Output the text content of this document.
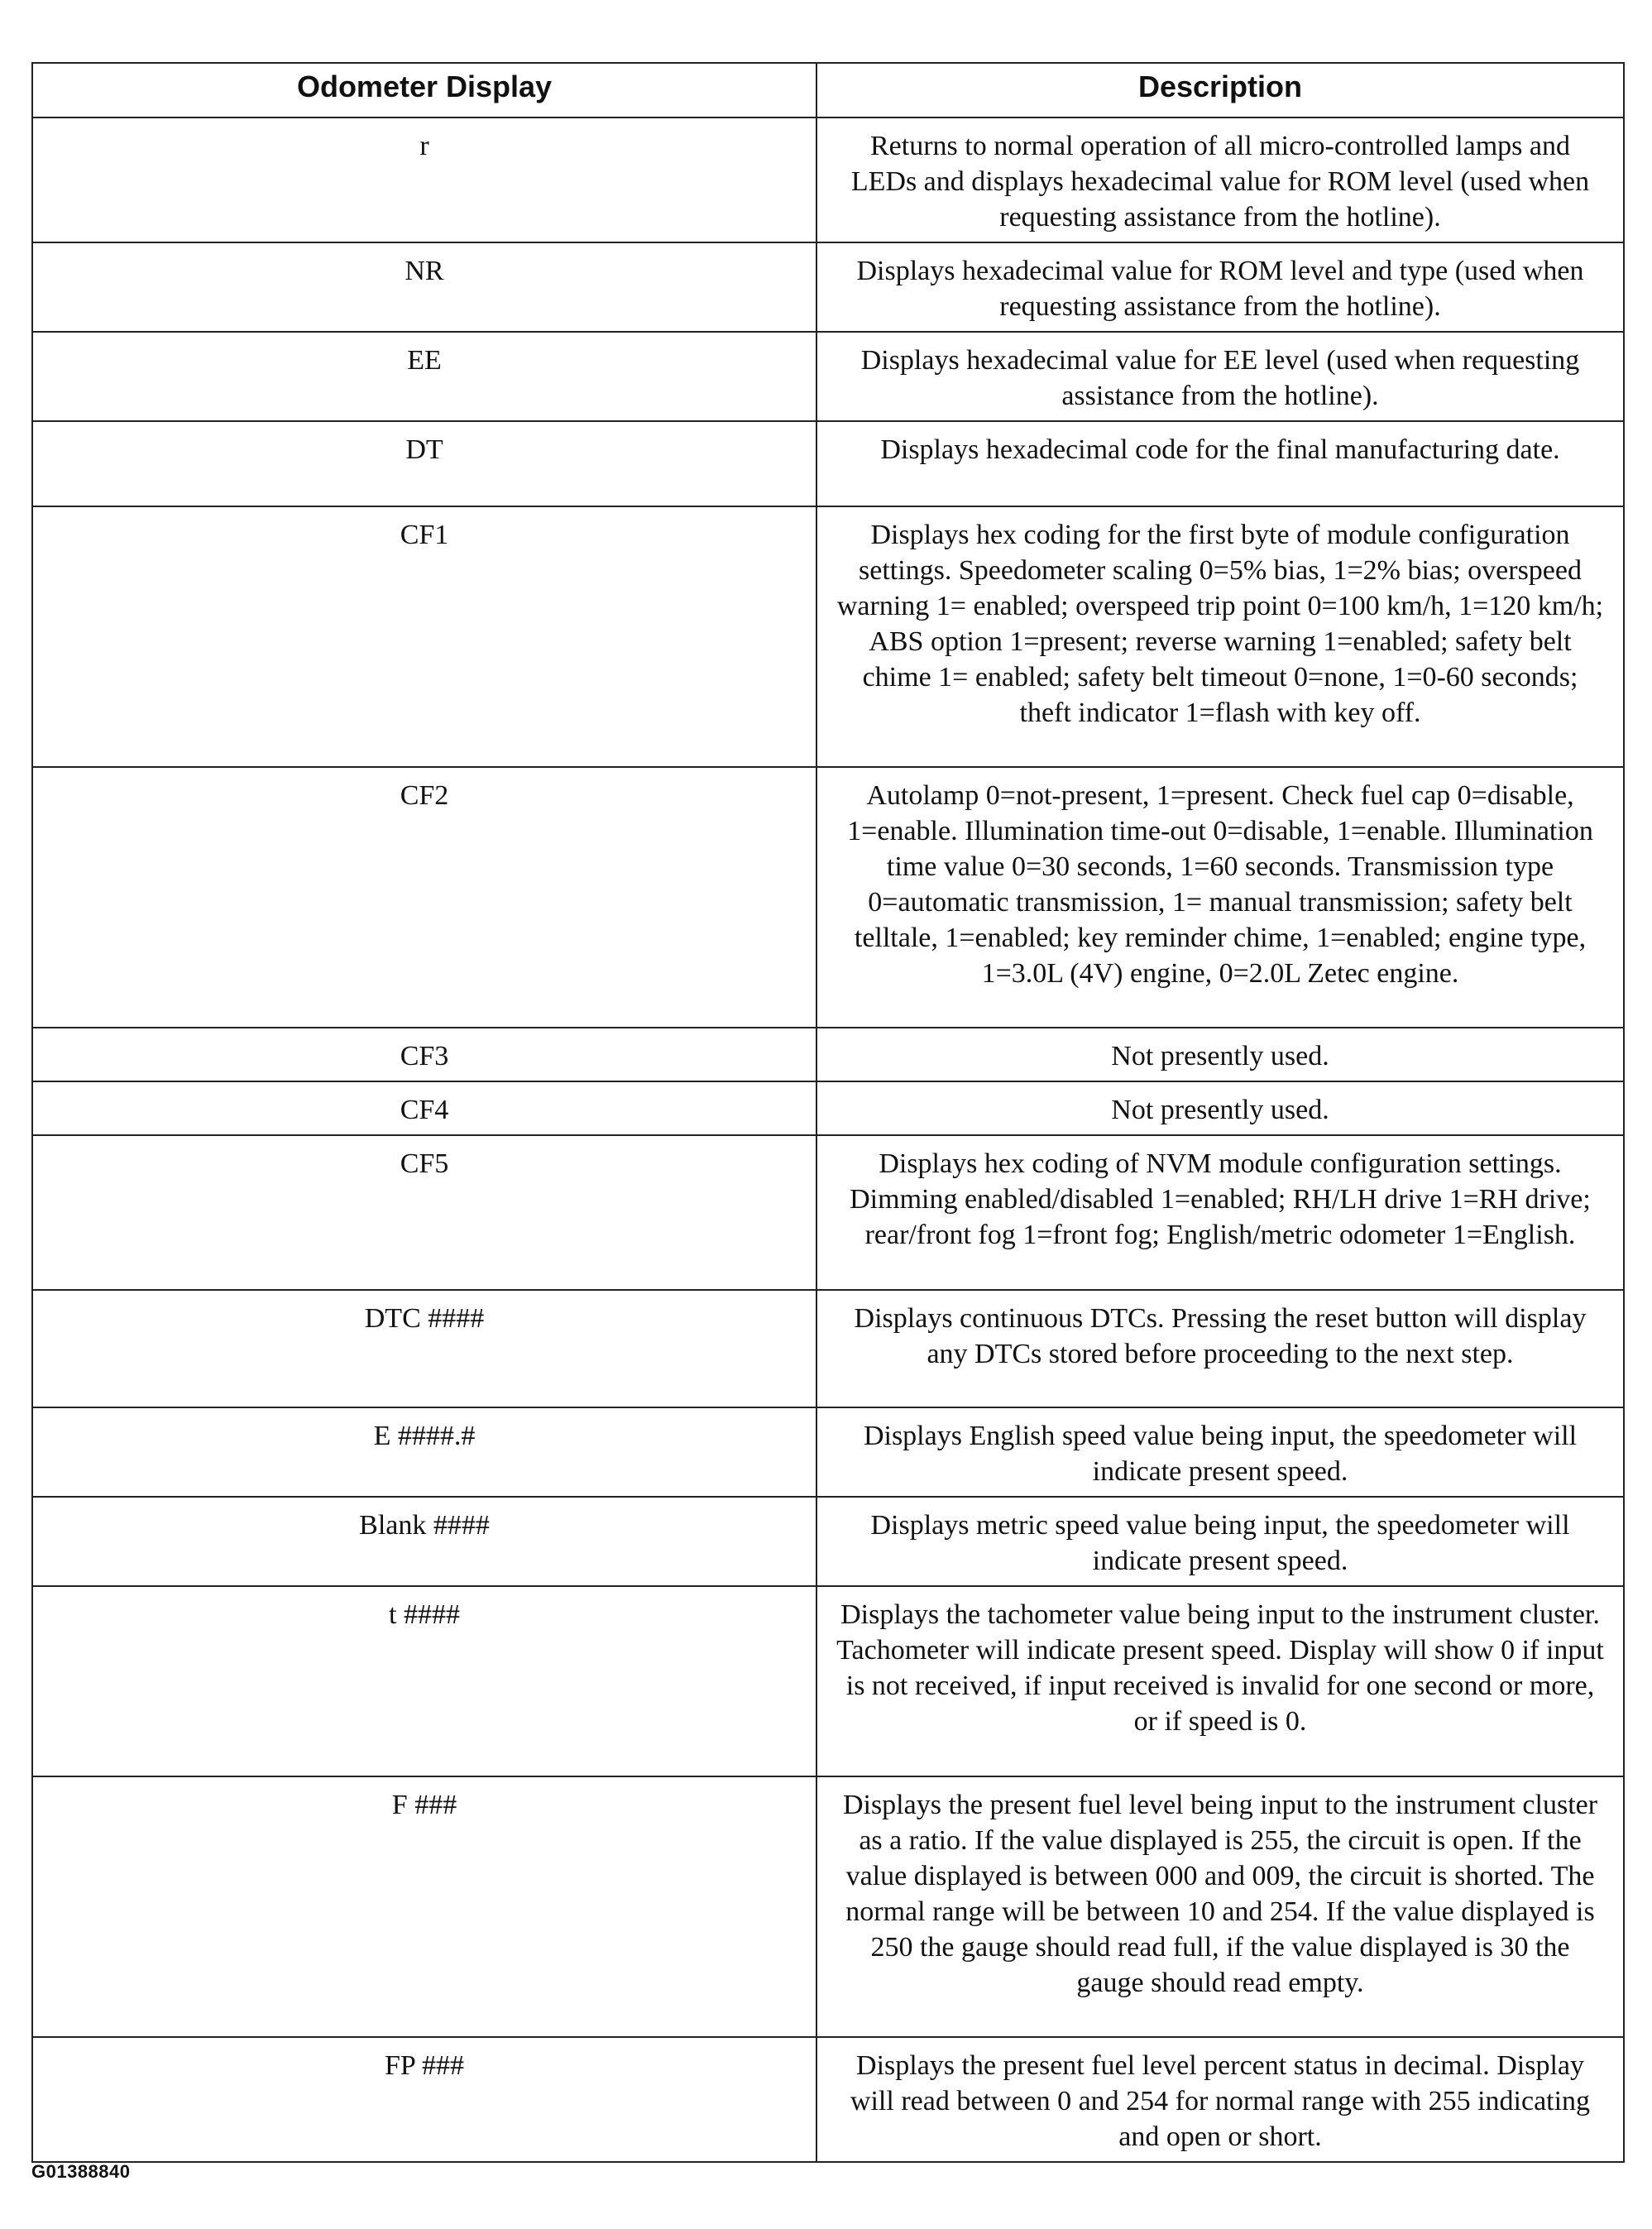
Odometer Display	Description
r	Returns to normal operation of all micro-controlled lamps and LEDs and displays hexadecimal value for ROM level (used when requesting assistance from the hotline).
NR	Displays hexadecimal value for ROM level and type (used when requesting assistance from the hotline).
EE	Displays hexadecimal value for EE level (used when requesting assistance from the hotline).
DT	Displays hexadecimal code for the final manufacturing date.
CF1	Displays hex coding for the first byte of module configuration settings. Speedometer scaling 0=5% bias, 1=2% bias; overspeed warning 1= enabled; overspeed trip point 0=100 km/h, 1=120 km/h; ABS option 1=present; reverse warning 1=enabled; safety belt chime 1= enabled; safety belt timeout 0=none, 1=0-60 seconds; theft indicator 1=flash with key off.
CF2	Autolamp 0=not-present, 1=present. Check fuel cap 0=disable, 1=enable. Illumination time-out 0=disable, 1=enable. Illumination time value 0=30 seconds, 1=60 seconds. Transmission type 0=automatic transmission, 1= manual transmission; safety belt telltale, 1=enabled; key reminder chime, 1=enabled; engine type, 1=3.0L (4V) engine, 0=2.0L Zetec engine.
CF3	Not presently used.
CF4	Not presently used.
CF5	Displays hex coding of NVM module configuration settings. Dimming enabled/disabled 1=enabled; RH/LH drive 1=RH drive; rear/front fog 1=front fog; English/metric odometer 1=English.
DTC ####	Displays continuous DTCs. Pressing the reset button will display any DTCs stored before proceeding to the next step.
E ####.#	Displays English speed value being input, the speedometer will indicate present speed.
Blank ####	Displays metric speed value being input, the speedometer will indicate present speed.
t ####	Displays the tachometer value being input to the instrument cluster. Tachometer will indicate present speed. Display will show 0 if input is not received, if input received is invalid for one second or more, or if speed is 0.
F ###	Displays the present fuel level being input to the instrument cluster as a ratio. If the value displayed is 255, the circuit is open. If the value displayed is between 000 and 009, the circuit is shorted. The normal range will be between 10 and 254. If the value displayed is 250 the gauge should read full, if the value displayed is 30 the gauge should read empty.
FP ###	Displays the present fuel level percent status in decimal. Display will read between 0 and 254 for normal range with 255 indicating and open or short.
G01388840
